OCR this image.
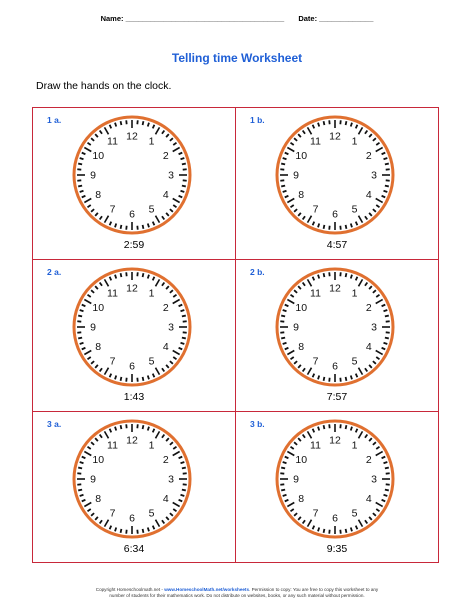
Name: ______________________________________ Date: _____________
Telling time Worksheet
Draw the hands on the clock.
1 a.
1
2
3
4
5
6
7
8
9
10
11 12
2:59
1 b.
1
2
3
4
5
6
7
8
9
10
11 12
4:57
2 a.
1
2
3
4
5
6
7
8
9
10
11 12
1:43
2 b.
1
2
3
4
5
6
7
8
9
10
11 12
7:57
3 a.
1
2
3
4
5
6
7
8
9
10
11 12
6:34
3 b.
1
2
3
4
5
6
7
8
9
10
11 12
9:35
Copyright Homeschoolmath.net - www.HomeschoolMath.net/worksheets. Permission to copy: You are free to copy this worksheet to any
number of students for their mathematics work. Do not distribute on websites, books, or any such material without permission.
